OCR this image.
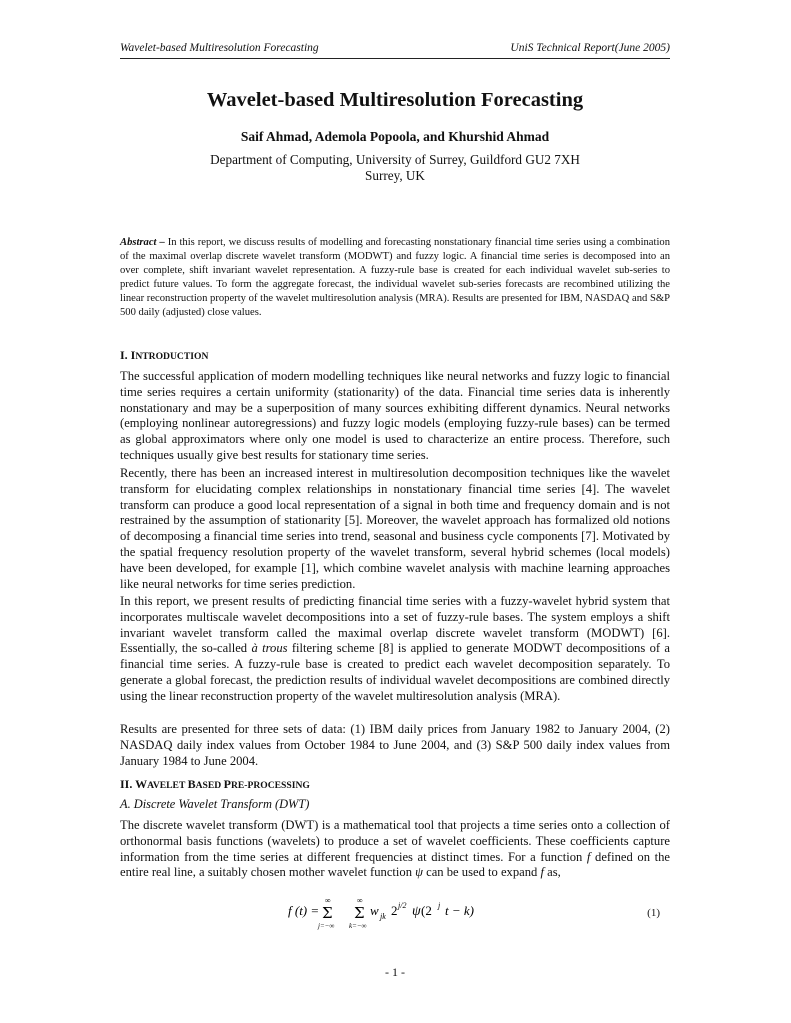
Wavelet-based Multiresolution Forecasting	UniS Technical Report(June 2005)
Wavelet-based Multiresolution Forecasting
Saif Ahmad, Ademola Popoola, and Khurshid Ahmad
Department of Computing, University of Surrey, Guildford GU2 7XH
Surrey, UK
Abstract – In this report, we discuss results of modelling and forecasting nonstationary financial time series using a combination of the maximal overlap discrete wavelet transform (MODWT) and fuzzy logic. A financial time series is decomposed into an over complete, shift invariant wavelet representation. A fuzzy-rule base is created for each individual wavelet sub-series to predict future values. To form the aggregate forecast, the individual wavelet sub-series forecasts are recombined utilizing the linear reconstruction property of the wavelet multiresolution analysis (MRA). Results are presented for IBM, NASDAQ and S&P 500 daily (adjusted) close values.
I. INTRODUCTION
The successful application of modern modelling techniques like neural networks and fuzzy logic to financial time series requires a certain uniformity (stationarity) of the data. Financial time series data is inherently nonstationary and may be a superposition of many sources exhibiting different dynamics. Neural networks (employing nonlinear autoregressions) and fuzzy logic models (employing fuzzy-rule bases) can be termed as global approximators where only one model is used to characterize an entire process. Therefore, such techniques usually give best results for stationary time series.
Recently, there has been an increased interest in multiresolution decomposition techniques like the wavelet transform for elucidating complex relationships in nonstationary financial time series [4]. The wavelet transform can produce a good local representation of a signal in both time and frequency domain and is not restrained by the assumption of stationarity [5]. Moreover, the wavelet approach has formalized old notions of decomposing a financial time series into trend, seasonal and business cycle components [7]. Motivated by the spatial frequency resolution property of the wavelet transform, several hybrid schemes (local models) have been developed, for example [1], which combine wavelet analysis with machine learning approaches like neural networks for time series prediction.
In this report, we present results of predicting financial time series with a fuzzy-wavelet hybrid system that incorporates multiscale wavelet decompositions into a set of fuzzy-rule bases. The system employs a shift invariant wavelet transform called the maximal overlap discrete wavelet transform (MODWT) [6]. Essentially, the so-called à trous filtering scheme [8] is applied to generate MODWT decompositions of a financial time series. A fuzzy-rule base is created to predict each wavelet decomposition separately. To generate a global forecast, the prediction results of individual wavelet decompositions are combined directly using the linear reconstruction property of the wavelet multiresolution analysis (MRA).
Results are presented for three sets of data: (1) IBM daily prices from January 1982 to January 2004, (2) NASDAQ daily index values from October 1984 to June 2004, and (3) S&P 500 daily index values from January 1984 to June 2004.
II. WAVELET BASED PRE-PROCESSING
A. Discrete Wavelet Transform (DWT)
The discrete wavelet transform (DWT) is a mathematical tool that projects a time series onto a collection of orthonormal basis functions (wavelets) to produce a set of wavelet coefficients. These coefficients capture information from the time series at different frequencies at distinct times. For a function f defined on the entire real line, a suitably chosen mother wavelet function ψ can be used to expand f as,
f (t) =
∞
Σ
j=−∞
∞
Σ
k=−∞
w jk 2 j/2 ψ (2 j t − k)	(1)
- 1 -
